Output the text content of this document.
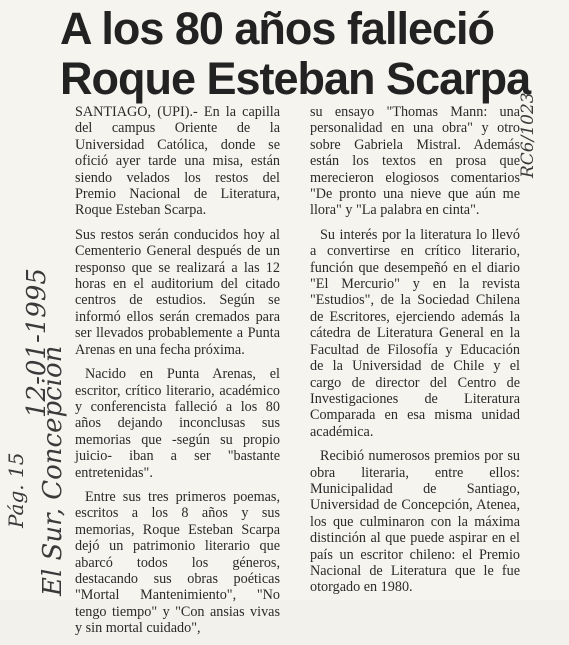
A los 80 años falleció
Roque Esteban Scarpa

SANTIAGO, (UPI).- En la capilla del campus Oriente de la Universidad Católica, donde se ofició ayer tarde una misa, están siendo velados los restos del Premio Nacional de Literatura, Roque Esteban Scarpa.

Sus restos serán conducidos hoy al Cementerio General después de un responso que se realizará a las 12 horas en el auditorium del citado centros de estudios. Según se informó ellos serán cremados para ser llevados probablemente a Punta Arenas en una fecha próxima.

Nacido en Punta Arenas, el escritor, crítico literario, académico y conferencista falleció a los 80 años dejando inconclusas sus memorias que -según su propio juicio- iban a ser "bastante entretenidas".

Entre sus tres primeros poemas, escritos a los 8 años y sus memorias, Roque Esteban Scarpa dejó un patrimonio literario que abarcó todos los géneros, destacando sus obras poéticas "Mortal Mantenimiento", "No tengo tiempo" y "Con ansias vivas y sin mortal cuidado",

su ensayo "Thomas Mann: una personalidad en una obra" y otro sobre Gabriela Mistral. Además están los textos en prosa que merecieron elogiosos comentarios "De pronto una nieve que aún me llora" y "La palabra en cinta".

Su interés por la literatura lo llevó a convertirse en crítico literario, función que desempeñó en el diario "El Mercurio" y en la revista "Estudios", de la Sociedad Chilena de Escritores, ejerciendo además la cátedra de Literatura General en la Facultad de Filosofía y Educación de la Universidad de Chile y el cargo de director del Centro de Investigaciones de Literatura Comparada en esa misma unidad académica.

Recibió numerosos premios por su obra literaria, entre ellos: Municipalidad de Santiago, Universidad de Concepción, Atenea, los que culminaron con la máxima distinción al que puede aspirar en el país un escritor chileno: el Premio Nacional de Literatura que le fue otorgado en 1980.

RC6/1023
12-01-1995
Pág. 15 El Sur, Concepción
